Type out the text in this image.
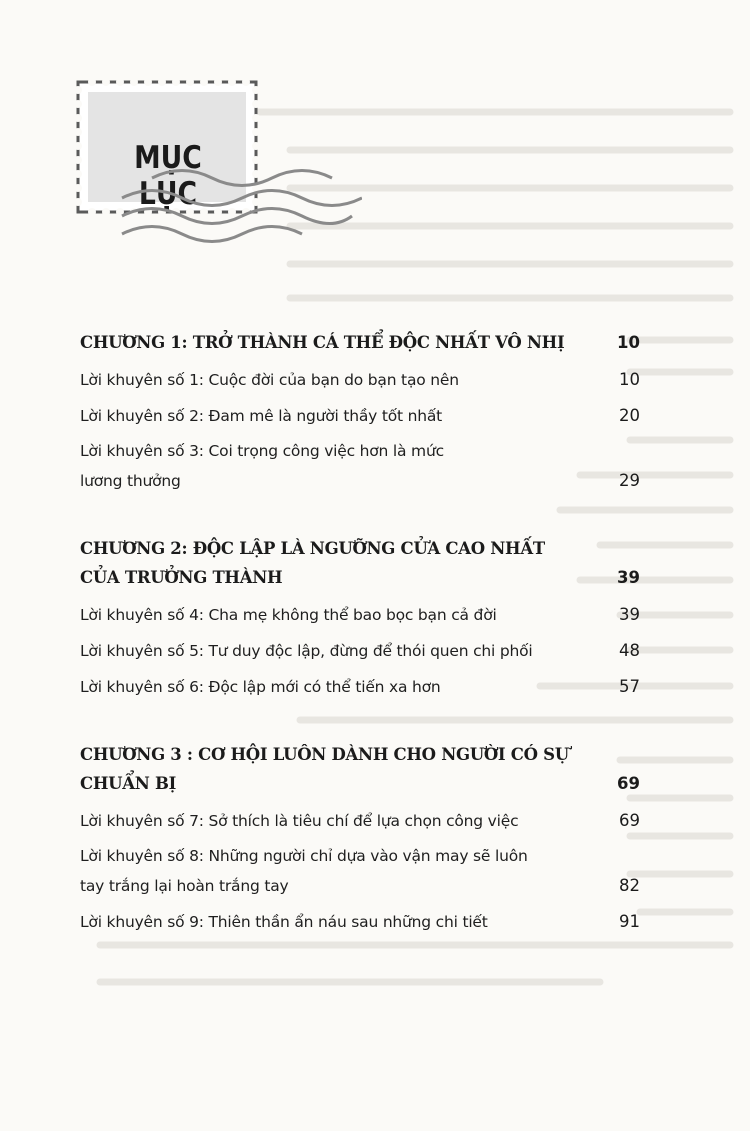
MỤC LỤC
CHƯƠNG 1: TRỞ THÀNH CÁ THỂ ĐỘC NHẤT VÔ NHỊ	10
Lời khuyên số 1: Cuộc đời của bạn do bạn tạo nên	10
Lời khuyên số 2: Đam mê là người thầy tốt nhất	20
Lời khuyên số 3: Coi trọng công việc hơn là mức
lương thưởng	29
CHƯƠNG 2: ĐỘC LẬP LÀ NGƯỠNG CỬA CAO NHẤT
CỦA TRƯỞNG THÀNH	39
Lời khuyên số 4: Cha mẹ không thể bao bọc bạn cả đời	39
Lời khuyên số 5: Tư duy độc lập, đừng để thói quen chi phối	48
Lời khuyên số 6: Độc lập mới có thể tiến xa hơn	57
CHƯƠNG 3 : CƠ HỘI LUÔN DÀNH CHO NGƯỜI CÓ SỰ
CHUẨN BỊ	69
Lời khuyên số 7: Sở thích là tiêu chí để lựa chọn công việc	69
Lời khuyên số 8: Những người chỉ dựa vào vận may sẽ luôn
tay trắng lại hoàn trắng tay	82
Lời khuyên số 9: Thiên thần ẩn náu sau những chi tiết	91
